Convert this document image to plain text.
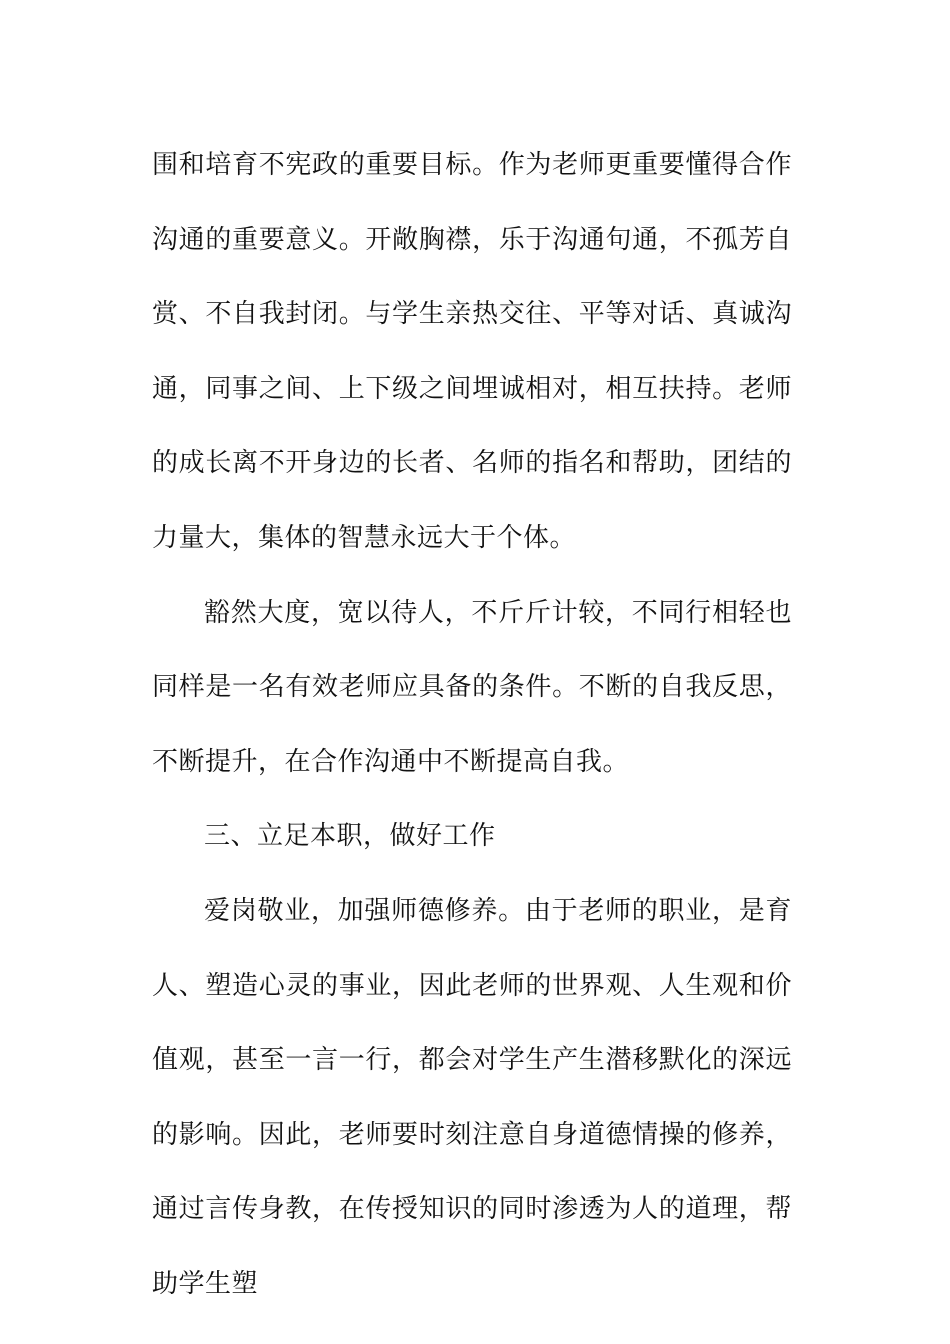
围和培育不宪政的重要目标。作为老师更重要懂得合作沟通的重要意义。开敞胸襟，乐于沟通句通，不孤芳自赏、不自我封闭。与学生亲热交往、平等对话、真诚沟通，同事之间、上下级之间埋诚相对，相互扶持。老师的成长离不开身边的长者、名师的指名和帮助，团结的力量大，集体的智慧永远大于个体。

豁然大度，宽以待人，不斤斤计较，不同行相轻也同样是一名有效老师应具备的条件。不断的自我反思，不断提升，在合作沟通中不断提高自我。

三、立足本职，做好工作

爱岗敬业，加强师德修养。由于老师的职业，是育人、塑造心灵的事业，因此老师的世界观、人生观和价值观，甚至一言一行，都会对学生产生潜移默化的深远的影响。因此，老师要时刻注意自身道德情操的修养，通过言传身教，在传授知识的同时渗透为人的道理，帮助学生塑
